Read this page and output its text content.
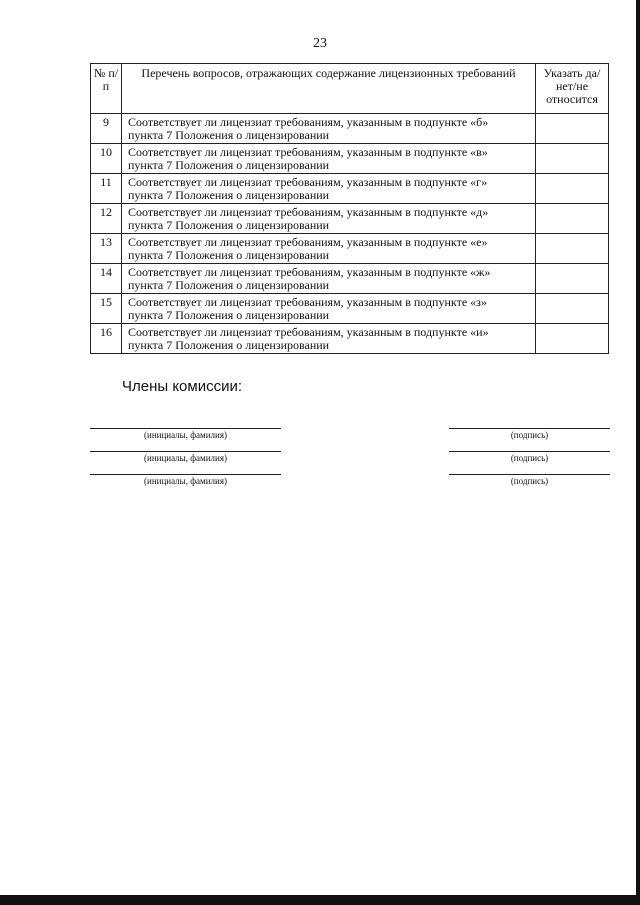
23
№ п/п	Перечень вопросов, отражающих содержание лицензионных требований	Указать да/нет/не относится
9	Соответствует ли лицензиат требованиям, указанным в подпункте «б»
пункта 7 Положения о лицензировании	

10	Соответствует ли лицензиат требованиям, указанным в подпункте «в»
пункта 7 Положения о лицензировании	

11	Соответствует ли лицензиат требованиям, указанным в подпункте «г»
пункта 7 Положения о лицензировании	

12	Соответствует ли лицензиат требованиям, указанным в подпункте «д»
пункта 7 Положения о лицензировании	

13	Соответствует ли лицензиат требованиям, указанным в подпункте «е»
пункта 7 Положения о лицензировании	

14	Соответствует ли лицензиат требованиям, указанным в подпункте «ж»
пункта 7 Положения о лицензировании	

15	Соответствует ли лицензиат требованиям, указанным в подпункте «з»
пункта 7 Положения о лицензировании	

16	Соответствует ли лицензиат требованиям, указанным в подпункте «и»
пункта 7 Положения о лицензировании	

Члены комиссии:
(инициалы, фамилия)	(подпись)
(инициалы, фамилия)	(подпись)
(инициалы, фамилия)	(подпись)
